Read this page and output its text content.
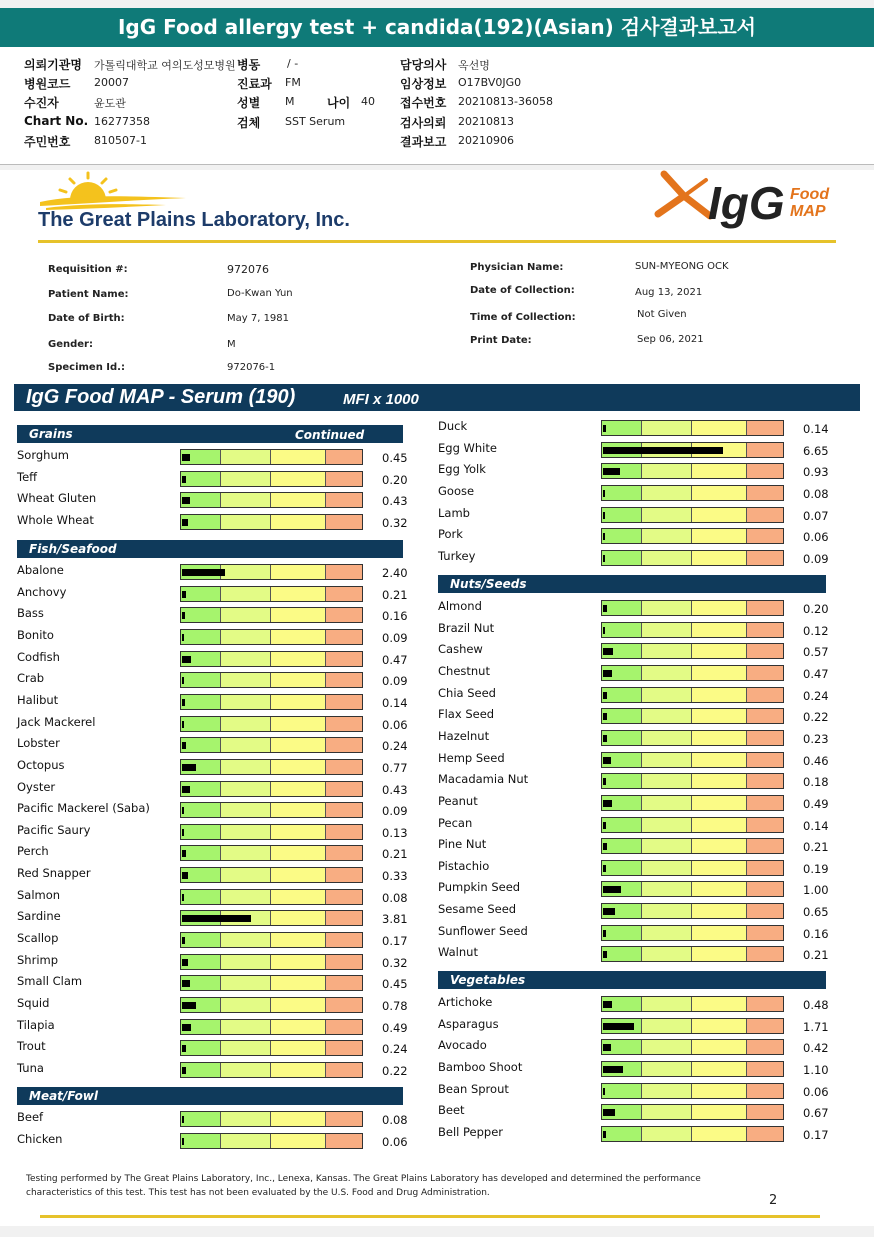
IgG Food allergy test + candida(192)(Asian) 검사결과보고서
의뢰기관명 가톨릭대학교 여의도성모병원
병원코드 20007
수진자	윤도관
Chart No. 16277358
주민번호 810507-1
병동 / -
진료과 FM
성별 M	나이 40
검체 SST Serum
담당의사 옥선명
임상정보 O17BV0JG0
접수번호 20210813-36058
검사의뢰 20210813
결과보고 20210906
The Great Plains Laboratory, Inc.	IgG Food
MAP
Requisition #:	972076
Patient Name:	Do-Kwan Yun
Date of Birth:	May 7, 1981
Gender:	M
Specimen Id.:	972076-1
Physician Name:	SUN-MYEONG OCK
Date of Collection:	Aug 13, 2021
Time of Collection:	Not Given
Print Date:	Sep 06, 2021
IgG Food MAP - Serum (190)	MFI x 1000
Grains	Continued
Sorghum	0.45
Teff	0.20
Wheat Gluten	0.43
Whole Wheat	0.32
Fish/Seafood
Abalone	2.40
Anchovy	0.21
Bass	0.16
Bonito	0.09
Codfish	0.47
Crab	0.09
Halibut	0.14
Jack Mackerel	0.06
Lobster	0.24
Octopus	0.77
Oyster	0.43
Pacific Mackerel (Saba)	0.09
Pacific Saury	0.13
Perch	0.21
Red Snapper	0.33
Salmon	0.08
Sardine	3.81
Scallop	0.17
Shrimp	0.32
Small Clam	0.45
Squid	0.78
Tilapia	0.49
Trout	0.24
Tuna	0.22
Meat/Fowl
Beef	0.08
Chicken	0.06
Duck	0.14
Egg White	6.65
Egg Yolk	0.93
Goose	0.08
Lamb	0.07
Pork	0.06
Turkey	0.09
Nuts/Seeds
Almond	0.20
Brazil Nut	0.12
Cashew	0.57
Chestnut	0.47
Chia Seed	0.24
Flax Seed	0.22
Hazelnut	0.23
Hemp Seed	0.46
Macadamia Nut	0.18
Peanut	0.49
Pecan	0.14
Pine Nut	0.21
Pistachio	0.19
Pumpkin Seed	1.00
Sesame Seed	0.65
Sunflower Seed	0.16
Walnut	0.21
Vegetables
Artichoke	0.48
Asparagus	1.71
Avocado	0.42
Bamboo Shoot	1.10
Bean Sprout	0.06
Beet	0.67
Bell Pepper	0.17
Testing performed by The Great Plains Laboratory, Inc., Lenexa, Kansas. The Great Plains Laboratory has developed and determined the performance characteristics of this test. This test has not been evaluated by the U.S. Food and Drug Administration.	2
